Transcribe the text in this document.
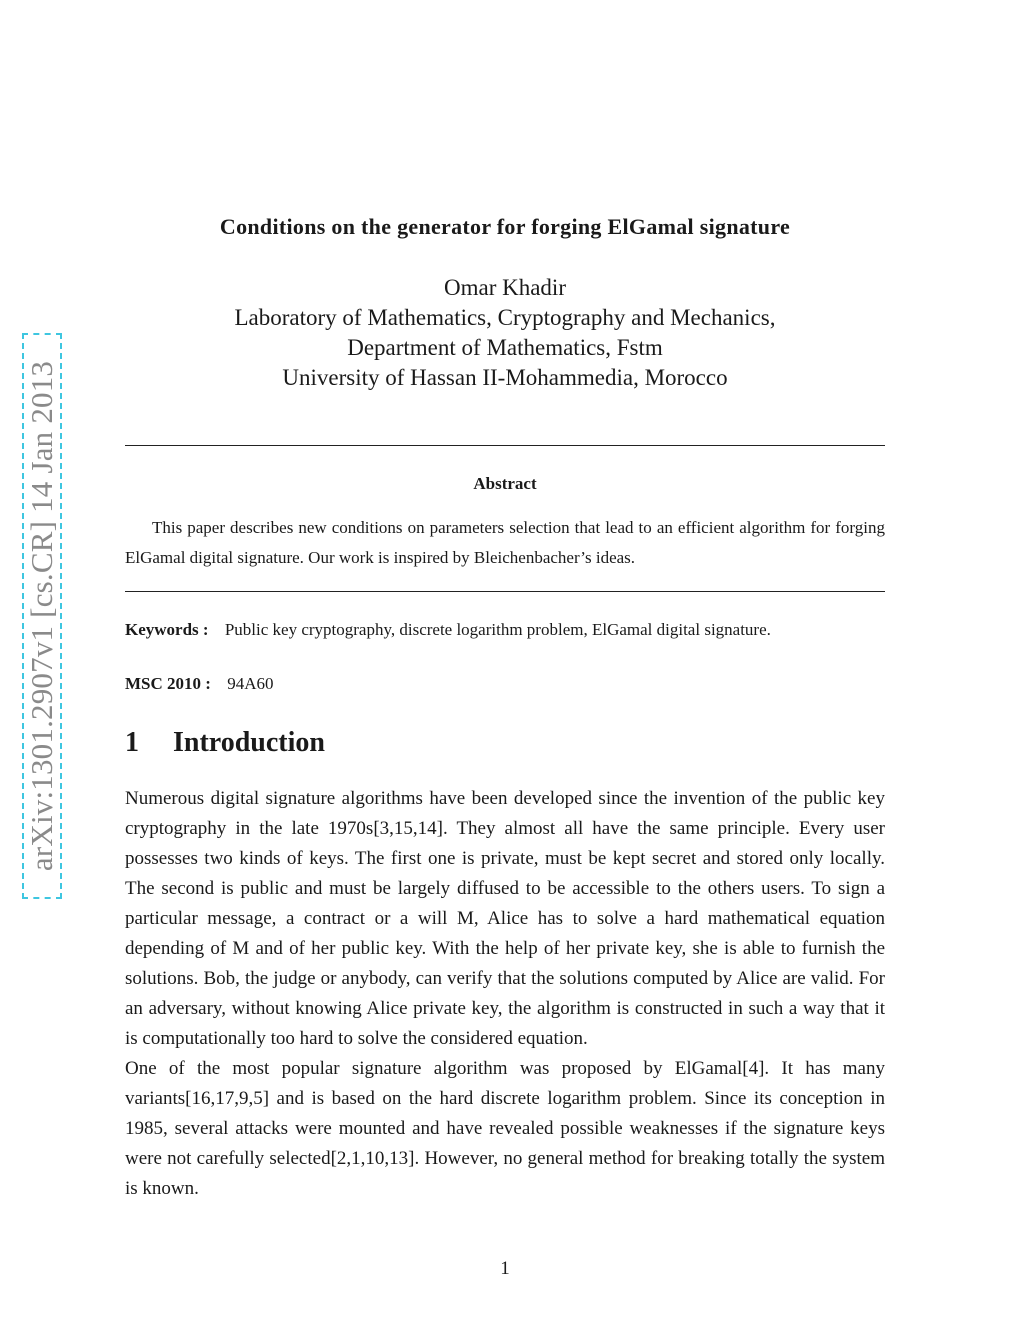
arXiv:1301.2907v1 [cs.CR] 14 Jan 2013
Conditions on the generator for forging ElGamal signature
Omar Khadir
Laboratory of Mathematics, Cryptography and Mechanics,
Department of Mathematics, Fstm
University of Hassan II-Mohammedia, Morocco
Abstract
This paper describes new conditions on parameters selection that lead to an efficient algorithm for forging ElGamal digital signature. Our work is inspired by Bleichenbacher’s ideas.
Keywords : Public key cryptography, discrete logarithm problem, ElGamal digital signature.
MSC 2010 : 94A60
1 Introduction

Numerous digital signature algorithms have been developed since the invention of the public key cryptography in the late 1970s[3,15,14]. They almost all have the same principle. Every user possesses two kinds of keys. The first one is private, must be kept secret and stored only locally. The second is public and must be largely diffused to be accessible to the others users. To sign a particular message, a contract or a will M, Alice has to solve a hard mathematical equation depending of M and of her public key. With the help of her private key, she is able to furnish the solutions. Bob, the judge or anybody, can verify that the solutions computed by Alice are valid. For an adversary, without knowing Alice private key, the algorithm is constructed in such a way that it is computationally too hard to solve the considered equation.

One of the most popular signature algorithm was proposed by ElGamal[4]. It has many variants[16,17,9,5] and is based on the hard discrete logarithm problem. Since its conception in 1985, several attacks were mounted and have revealed possible weaknesses if the signature keys were not carefully selected[2,1,10,13]. However, no general method for breaking totally the system is known.

1
